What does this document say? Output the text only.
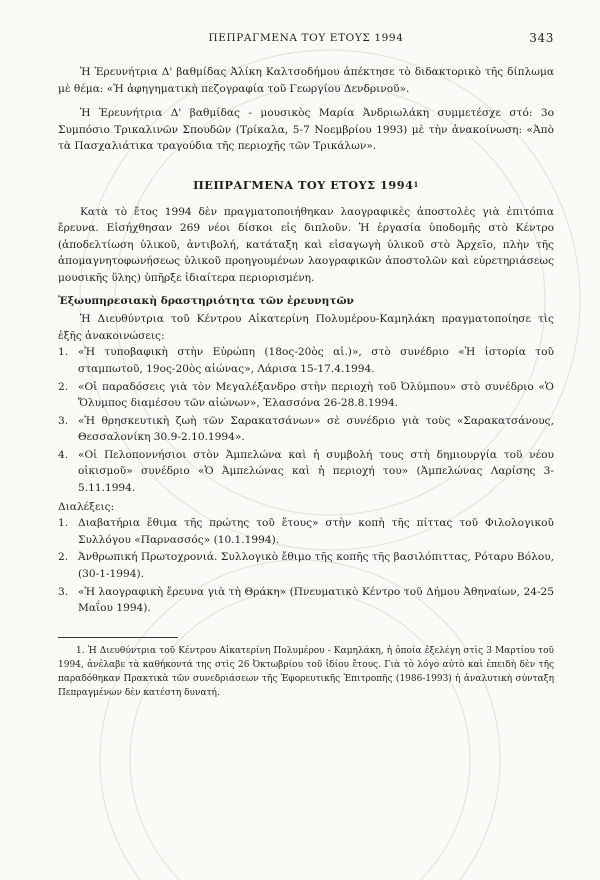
ΠΕΠΡΑΓΜΕΝΑ ΤΟΥ ΕΤΟΥΣ 1994	343

Ἡ Ἐρευνήτρια Δ' βαθμίδας Ἀλίκη Καλτσοδήμου ἀπέκτησε τὸ διδακτορικὸ τῆς δίπλωμα μὲ θέμα: «Ἡ ἀφηγηματικὴ πεζογραφία τοῦ Γεωργίου Δενδρινοῦ».

Ἡ Ἐρευνήτρια Δ' βαθμίδας - μουσικὸς Μαρία Ἀνδριωλάκη συμμετέσχε στό: 3ο Συμπόσιο Τρικαλινῶν Σπουδῶν (Τρίκαλα, 5-7 Νοεμβρίου 1993) μὲ τὴν ἀνακοίνωση: «Ἀπὸ τὰ Πασχαλιάτικα τραγούδια τῆς περιοχῆς τῶν Τρικάλων».

ΠΕΠΡΑΓΜΕΝΑ ΤΟΥ ΕΤΟΥΣ 1994$^1$

Κατὰ τὸ ἔτος 1994 δὲν πραγματοποιήθηκαν λαογραφικὲς ἀποστολὲς γιὰ ἐπιτόπια ἔρευνα. Εἰσήχθησαν 269 νέοι δίσκοι εἰς διπλοῦν. Ἡ ἐργασία ὑποδομῆς στὸ Κέντρο (ἀποδελτίωση ὑλικοῦ, ἀντιβολή, κατάταξη καὶ εἰσαγωγὴ ὑλικοῦ στὸ Ἀρχεῖο, πλὴν τῆς ἀπομαγνητοφωνήσεως ὑλικοῦ προηγουμένων λαογραφικῶν ἀποστολῶν καὶ εὑρετηριάσεως μουσικῆς ὕλης) ὑπῆρξε ἰδιαίτερα περιορισμένη.

Ἐξωυπηρεσιακὴ δραστηριότητα τῶν ἐρευνητῶν

Ἡ Διευθύντρια τοῦ Κέντρου Αἰκατερίνη Πολυμέρου-Καμηλάκη πραγματοποίησε τὶς ἑξῆς ἀνακοινώσεις:

1. «Ἡ τυποβαφικὴ στὴν Εὐρώπη (18ος-20ὸς αἰ.)», στὸ συνέδριο «Ἡ ἱστορία τοῦ σταμπωτοῦ, 19ος-20ὸς αἰώνας», Λάρισα 15-17.4.1994.
2. «Οἱ παραδόσεις γιὰ τὸν Μεγαλέξανδρο στὴν περιοχὴ τοῦ Ὀλύμπου» στὸ συνέδριο «Ὁ Ὄλυμπος διαμέσου τῶν αἰώνων», Ἐλασσόνα 26-28.8.1994.
3. «Ἡ θρησκευτικὴ ζωὴ τῶν Σαρακατσάνων» σὲ συνέδριο γιὰ τοὺς «Σαρακατσάνους, Θεσσαλονίκη 30.9-2.10.1994».
4. «Οἱ Πελοποννήσιοι στὸν Ἀμπελώνα καὶ ἡ συμβολή τους στὴ δημιουργία τοῦ νέου οἰκισμοῦ» συνέδριο «Ὁ Ἀμπελώνας καὶ ἡ περιοχή του» (Ἀμπελώνας Λαρίσης 3-5.11.1994.
Διαλέξεις:
1. Διαβατήρια ἔθιμα τῆς πρώτης τοῦ ἔτους» στὴν κοπὴ τῆς πίττας τοῦ Φιλολογικοῦ Συλλόγου «Παρνασσός» (10.1.1994).
2. Ἀνθρωπική Πρωτοχρονιά. Συλλογικὸ ἔθιμο τῆς κοπῆς τῆς βασιλόπιττας, Ρόταρυ Βόλου, (30-1-1994).
3. «Ἡ λαογραφικὴ ἔρευνα γιὰ τὴ Θράκη» (Πνευματικὸ Κέντρο τοῦ Δήμου Ἀθηναίων, 24-25 Μαΐου 1994).

1. Ἡ Διευθύντρια τοῦ Κέντρου Αἰκατερίνη Πολυμέρου - Καμηλάκη, ἡ ὁποία ἐξελέγη στὶς 3 Μαρτίου τοῦ 1994, ἀνέλαβε τὰ καθήκοντά της στὶς 26 Ὀκτωβρίου τοῦ ἰδίου ἔτους. Γιὰ τὸ λόγο αὐτὸ καὶ ἐπειδὴ δὲν τῆς παραδόθηκαν Πρακτικὰ τῶν συνεδριάσεων τῆς Ἐφορευτικῆς Ἐπιτροπῆς (1986-1993) ἡ ἀναλυτικὴ σύνταξη Πεπραγμένων δὲν κατέστη δυνατή.
